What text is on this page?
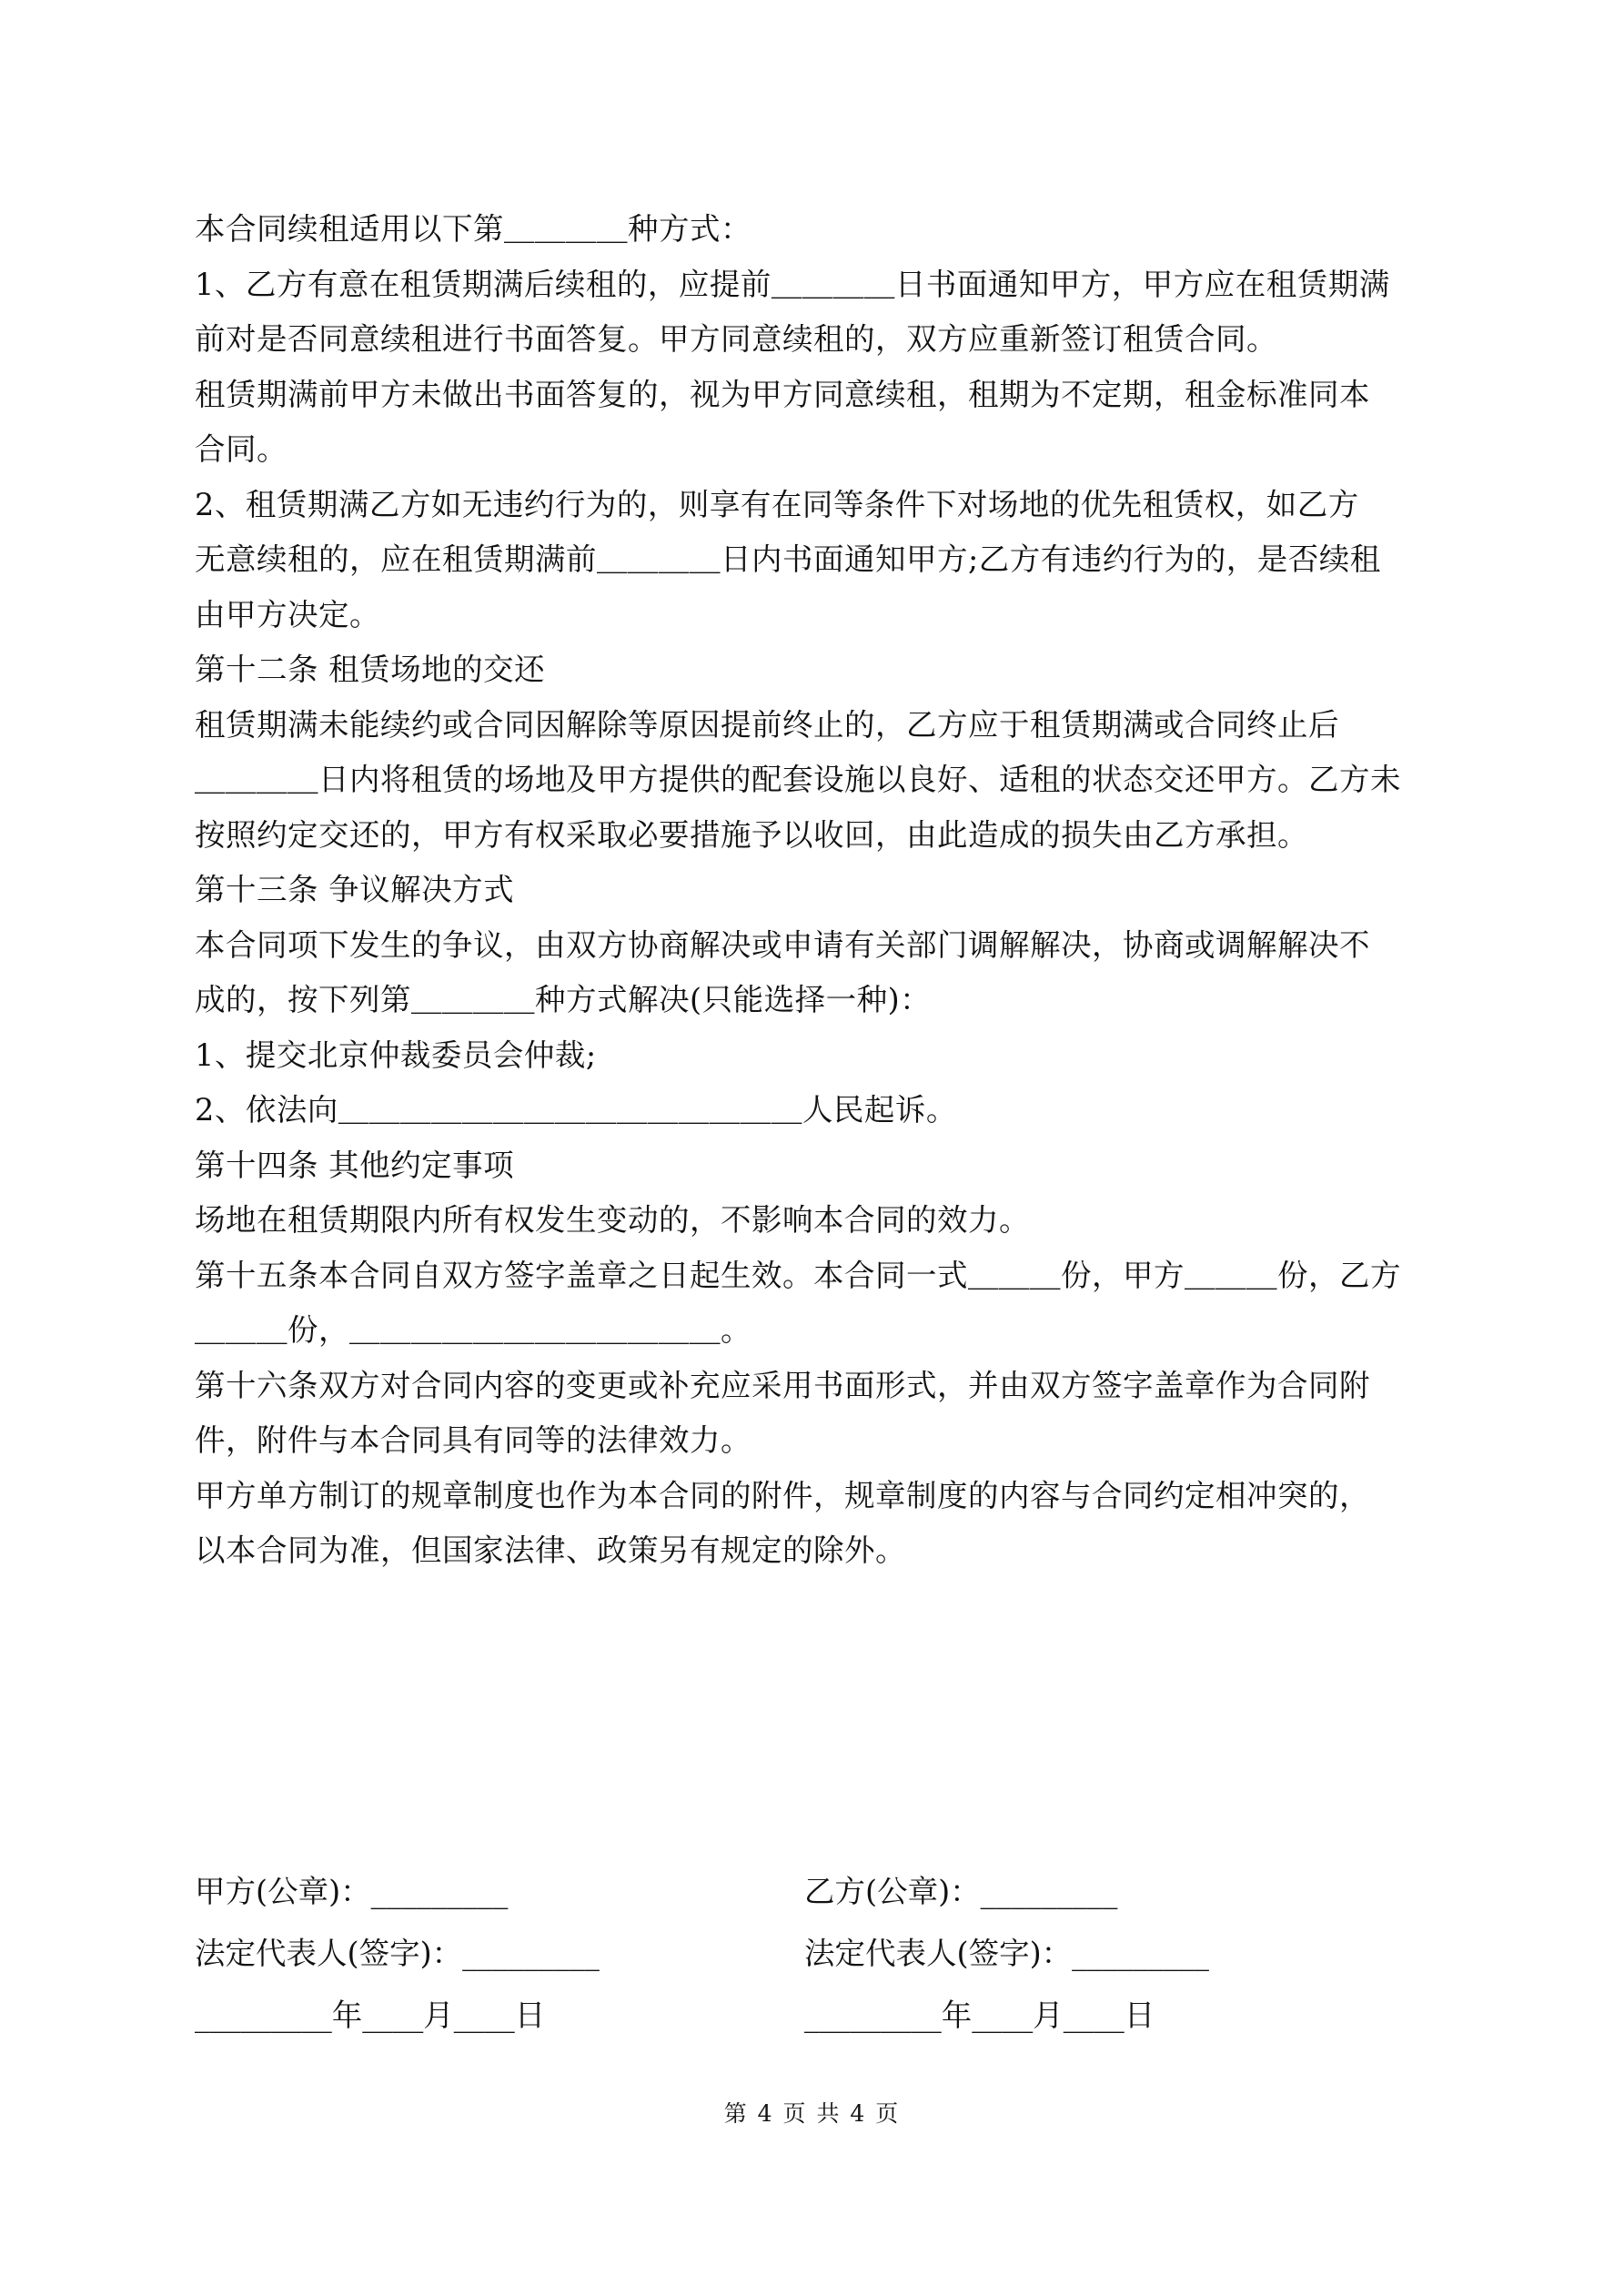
本合同续租适用以下第＿＿＿＿种方式：

1、乙方有意在租赁期满后续租的，应提前＿＿＿＿日书面通知甲方，甲方应在租赁期满

前对是否同意续租进行书面答复。甲方同意续租的，双方应重新签订租赁合同。

租赁期满前甲方未做出书面答复的，视为甲方同意续租，租期为不定期，租金标准同本

合同。

2、租赁期满乙方如无违约行为的，则享有在同等条件下对场地的优先租赁权，如乙方

无意续租的，应在租赁期满前＿＿＿＿日内书面通知甲方;乙方有违约行为的，是否续租

由甲方决定。

第十二条 租赁场地的交还

租赁期满未能续约或合同因解除等原因提前终止的，乙方应于租赁期满或合同终止后

＿＿＿＿日内将租赁的场地及甲方提供的配套设施以良好、适租的状态交还甲方。乙方未

按照约定交还的，甲方有权采取必要措施予以收回，由此造成的损失由乙方承担。

第十三条 争议解决方式

本合同项下发生的争议，由双方协商解决或申请有关部门调解解决，协商或调解解决不

成的，按下列第＿＿＿＿种方式解决(只能选择一种)：

1、提交北京仲裁委员会仲裁;

2、依法向＿＿＿＿＿＿＿＿＿＿＿＿＿＿＿人民起诉。

第十四条 其他约定事项

场地在租赁期限内所有权发生变动的，不影响本合同的效力。

第十五条本合同自双方签字盖章之日起生效。本合同一式＿＿＿份，甲方＿＿＿份，乙方

＿＿＿份，＿＿＿＿＿＿＿＿＿＿＿＿。

第十六条双方对合同内容的变更或补充应采用书面形式，并由双方签字盖章作为合同附

件，附件与本合同具有同等的法律效力。

甲方单方制订的规章制度也作为本合同的附件，规章制度的内容与合同约定相冲突的，

以本合同为准，但国家法律、政策另有规定的除外。

甲方(公章)：_________	乙方(公章)：_________
法定代表人(签字)：_________	法定代表人(签字)：_________
_________年____月____日	_________年____月____日
第 4 页 共 4 页
